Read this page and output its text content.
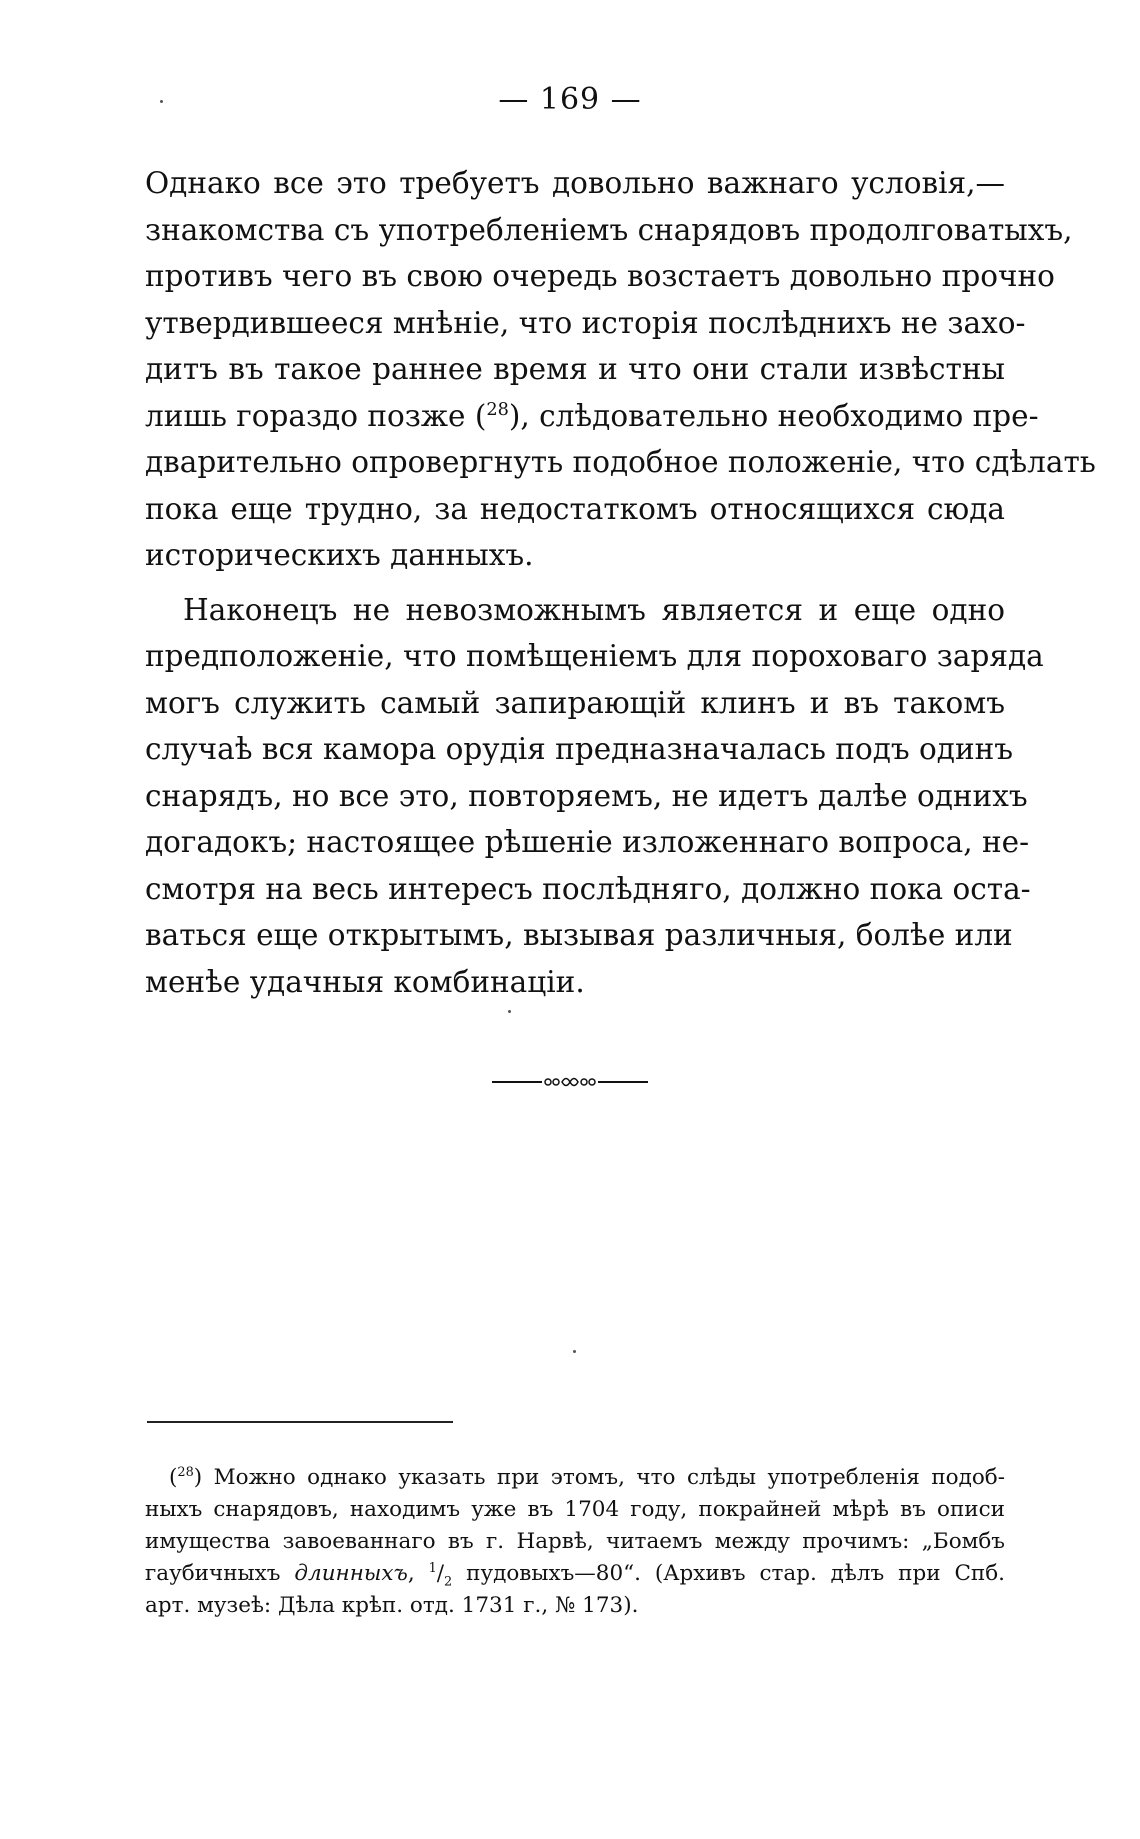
— 169 —
Однако все это требуетъ довольно важнаго условія,—
знакомства съ употребленіемъ снарядовъ продолговатыхъ,
противъ чего въ свою очередь возстаетъ довольно прочно
утвердившееся мнѣніе, что исторія послѣднихъ не захо-
дитъ въ такое раннее время и что они стали извѣстны
лишь гораздо позже ($^{28}$), слѣдовательно необходимо пре-
дварительно опровергнуть подобное положеніе, что сдѣлать
пока еще трудно, за недостаткомъ относящихся сюда
историческихъ данныхъ.
Наконецъ не невозможнымъ является и еще одно
предположеніе, что помѣщеніемъ для пороховаго заряда
могъ служить самый запирающій клинъ и въ такомъ
случаѣ вся камора орудія предназначалась подъ одинъ
снарядъ, но все это, повторяемъ, не идетъ далѣе однихъ
догадокъ; настоящее рѣшеніе изложеннаго вопроса, не-
смотря на весь интересъ послѣдняго, должно пока оста-
ваться еще открытымъ, вызывая различныя, болѣе или
менѣе удачныя комбинаціи.
($^{28}$) Можно однако указать при этомъ, что слѣды употребленія подоб-
ныхъ снарядовъ, находимъ уже въ 1704 году, покрайней мѣрѣ въ описи
имущества завоеваннаго въ г. Нарвѣ, читаемъ между прочимъ: „Бомбъ
гаубичныхъ длинныхъ, $^1/_2$ пудовыхъ—80“. (Архивъ стар. дѣлъ при Спб.
арт. музеѣ: Дѣла крѣп. отд. 1731 г., № 173).
